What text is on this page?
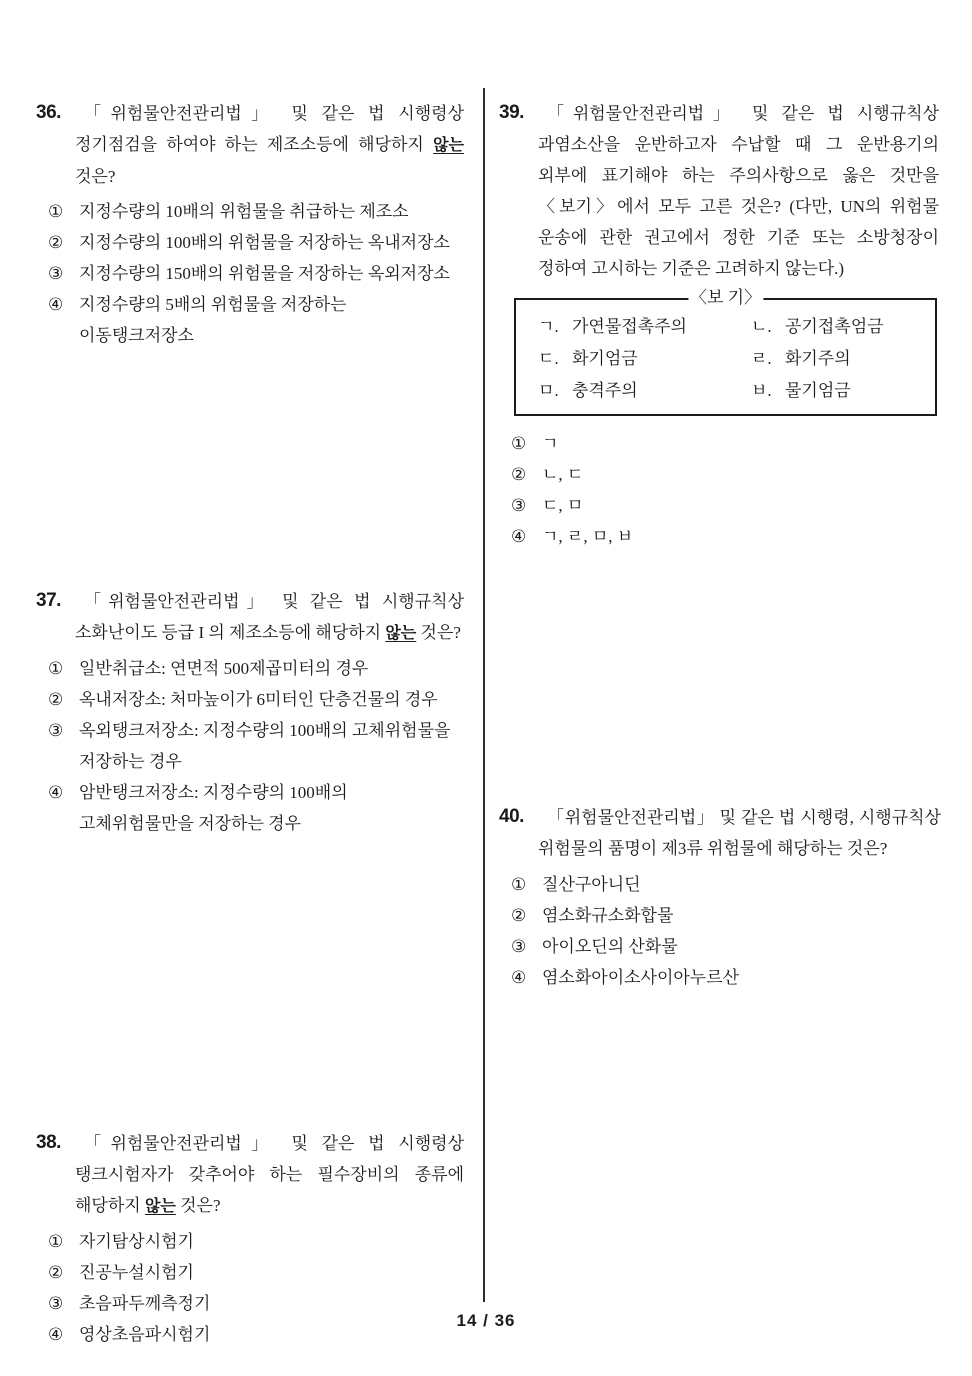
36.	「위험물안전관리법」 및 같은 법 시행령상 정기점검을 하여야 하는 제조소등에 해당하지 않는 것은?
① 지정수량의 10배의 위험물을 취급하는 제조소
② 지정수량의 100배의 위험물을 저장하는 옥내저장소
③ 지정수량의 150배의 위험물을 저장하는 옥외저장소
④ 지정수량의 5배의 위험물을 저장하는 이동탱크저장소
37.	「위험물안전관리법」 및 같은 법 시행규칙상 소화난이도 등급 I 의 제조소등에 해당하지 않는 것은?
① 일반취급소: 연면적 500제곱미터의 경우
② 옥내저장소: 처마높이가 6미터인 단층건물의 경우
③ 옥외탱크저장소: 지정수량의 100배의 고체위험물을 저장하는 경우
④ 암반탱크저장소: 지정수량의 100배의 고체위험물만을 저장하는 경우
38.	「위험물안전관리법」 및 같은 법 시행령상 탱크시험자가 갖추어야 하는 필수장비의 종류에 해당하지 않는 것은?
① 자기탐상시험기
② 진공누설시험기
③ 초음파두께측정기
④ 영상초음파시험기
39.	「위험물안전관리법」 및 같은 법 시행규칙상 과염소산을 운반하고자 수납할 때 그 운반용기의 외부에 표기해야 하는 주의사항으로 옳은 것만을 〈보기〉에서 모두 고른 것은? (다만, UN의 위험물 운송에 관한 권고에서 정한 기준 또는 소방청장이 정하여 고시하는 기준은 고려하지 않는다.)
〈보 기〉
ㄱ. 가연물접촉주의	ㄴ. 공기접촉엄금
ㄷ. 화기엄금	ㄹ. 화기주의
ㅁ. 충격주의	ㅂ. 물기엄금
① ㄱ
② ㄴ, ㄷ
③ ㄷ, ㅁ
④ ㄱ, ㄹ, ㅁ, ㅂ
40.	「위험물안전관리법」 및 같은 법 시행령, 시행규칙상 위험물의 품명이 제3류 위험물에 해당하는 것은?
① 질산구아니딘
② 염소화규소화합물
③ 아이오딘의 산화물
④ 염소화아이소사이아누르산
14 / 36
